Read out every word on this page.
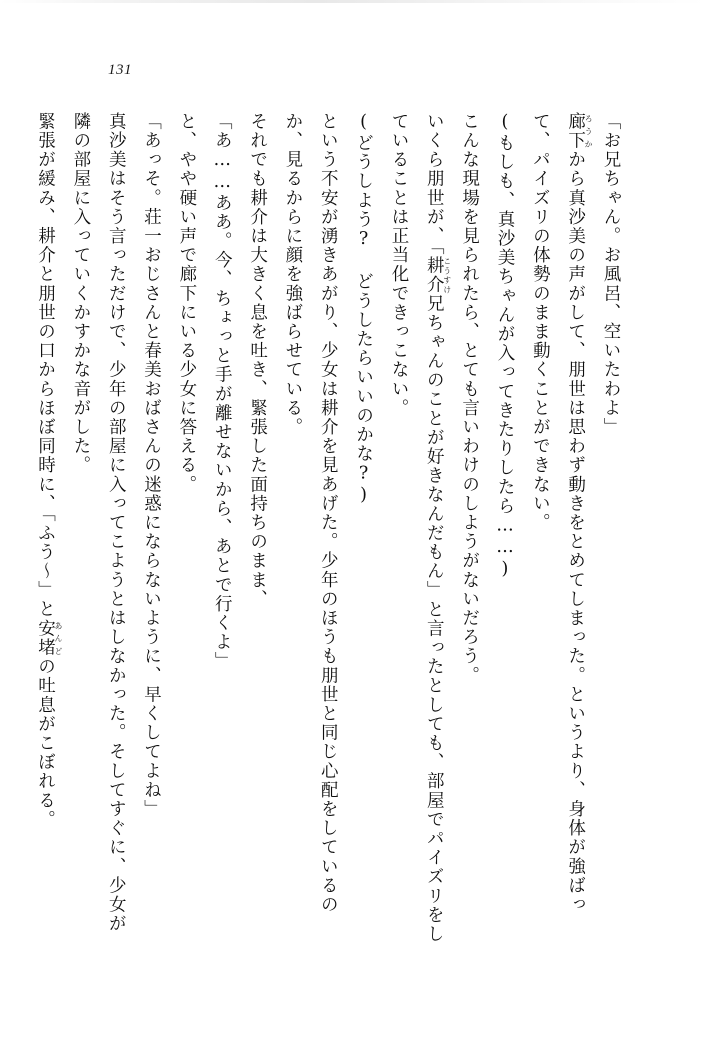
131

「お兄ちゃん。お風呂、空いたわよ」

廊下ろうかから真沙美の声がして、朋世は思わず動きをとめてしまった。というより、身体が強ばって、パイズリの体勢のまま動くことができない。

(もしも、真沙美ちゃんが入ってきたりしたら……)

こんな現場を見られたら、とても言いわけのしようがないだろう。

いくら朋世が、「耕介こうすけ兄ちゃんのことが好きなんだもん」と言ったとしても、部屋でパイズリをしていることは正当化できっこない。

(どうしよう? どうしたらいいのかな?)

という不安が湧きあがり、少女は耕介を見あげた。少年のほうも朋世と同じ心配をしているのか、見るからに顔を強ばらせている。

それでも耕介は大きく息を吐き、緊張した面持ちのまま、

「あ……ああ。今、ちょっと手が離せないから、あとで行くよ」

と、やや硬い声で廊下にいる少女に答える。

「あっそ。荘一おじさんと春美おばさんの迷惑にならないように、早くしてよね」

真沙美はそう言っただけで、少年の部屋に入ってこようとはしなかった。そしてすぐに、少女が隣の部屋に入っていくかすかな音がした。

緊張が緩み、耕介と朋世の口からほぼ同時に、「ふう〜」と安堵あんどの吐息がこぼれる。
